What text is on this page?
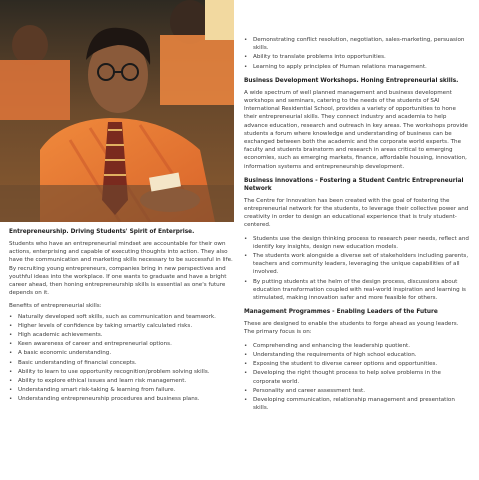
Entrepreneurship. Driving Students' Spirit of Enterprise.

Students who have an entrepreneurial mindset are accountable for their own actions, enterprising and capable of executing thoughts into action. They also have the communication and marketing skills necessary to be successful in life. By recruiting young entrepreneurs, companies bring in new perspectives and youthful ideas into the workplace. If one wants to graduate and have a bright career ahead, then honing entrepreneurship skills is essential as one's future depends on it.

Benefits of entrepreneurial skills:
• Naturally developed soft skills, such as communication and teamwork.
• Higher levels of confidence by taking smartly calculated risks.
• High academic achievements.
• Keen awareness of career and entrepreneurial options.
• A basic economic understanding.
• Basic understanding of financial concepts.
• Ability to learn to use opportunity recognition/problem solving skills.
• Ability to explore ethical issues and learn risk management.
• Understanding smart risk-taking & learning from failure.
• Understanding entrepreneurship procedures and business plans.
• Demonstrating conflict resolution, negotiation, sales-marketing, persuasion skills.
• Ability to translate problems into opportunities.
• Learning to apply principles of Human relations management.
Business Development Workshops. Honing Entrepreneurial skills.

A wide spectrum of well planned management and business development workshops and seminars, catering to the needs of the students of SAI International Residential School, provides a variety of opportunities to hone their entrepreneurial skills. They connect industry and academia to help advance education, research and outreach in key areas. The workshops provide students a forum where knowledge and understanding of business can be exchanged between both the academic and the corporate world experts. The faculty and students brainstorm and research in areas critical to emerging economies, such as emerging markets, finance, affordable housing, innovation, information systems and entrepreneurship development.

Business innovations - Fostering a Student Centric Entrepreneurial Network

The Centre for Innovation has been created with the goal of fostering the entrepreneurial network for the students, to leverage their collective power and creativity in order to design an educational experience that is truly student-centered.

• Students use the design thinking process to research peer needs, reflect and identify key insights, design new education models.
• The students work alongside a diverse set of stakeholders including parents, teachers and community leaders, leveraging the unique capabilities of all involved.
• By putting students at the helm of the design process, discussions about education transformation coupled with real-world inspiration and learning is stimulated, making innovation safer and more feasible for others.
Management Programmes - Enabling Leaders of the Future

These are designed to enable the students to forge ahead as young leaders. The primary focus is on:

• Comprehending and enhancing the leadership quotient.
• Understanding the requirements of high school education.
• Exposing the student to diverse career options and opportunities.
• Developing the right thought process to help solve problems in the corporate world.
• Personality and career assessment test.
• Developing communication, relationship management and presentation skills.
